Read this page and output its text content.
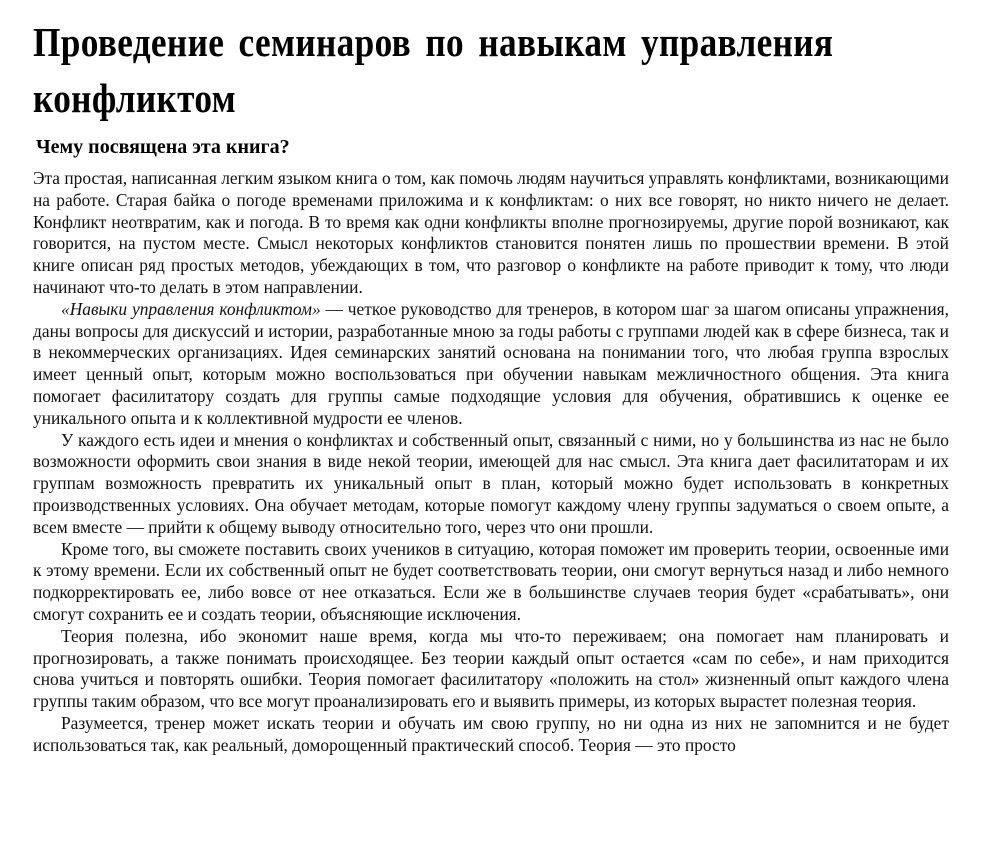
Проведение семинаров по навыкам управления конфликтом
Чему посвящена эта книга?

Эта простая, написанная легким языком книга о том, как помочь людям научиться управлять конфликтами, возникающими на работе. Старая байка о погоде временами приложима и к конфликтам: о них все говорят, но никто ничего не делает. Конфликт неотвратим, как и погода. В то время как одни конфликты вполне прогнозируемы, другие порой возникают, как говорится, на пустом месте. Смысл некоторых конфликтов становится понятен лишь по прошествии времени. В этой книге описан ряд простых методов, убеждающих в том, что разговор о конфликте на работе приводит к тому, что люди начинают что-то делать в этом направлении.

«Навыки управления конфликтом» — четкое руководство для тренеров, в котором шаг за шагом описаны упражнения, даны вопросы для дискуссий и истории, разработанные мною за годы работы с группами людей как в сфере бизнеса, так и в некоммерческих организациях. Идея семинарских занятий основана на понимании того, что любая группа взрослых имеет ценный опыт, которым можно воспользоваться при обучении навыкам межличностного общения. Эта книга помогает фасилитатору создать для группы самые подходящие условия для обучения, обратившись к оценке ее уникального опыта и к коллективной мудрости ее членов.

У каждого есть идеи и мнения о конфликтах и собственный опыт, связанный с ними, но у большинства из нас не было возможности оформить свои знания в виде некой теории, имеющей для нас смысл. Эта книга дает фасилитаторам и их группам возможность превратить их уникальный опыт в план, который можно будет использовать в конкретных производственных условиях. Она обучает методам, которые помогут каждому члену группы задуматься о своем опыте, а всем вместе — прийти к общему выводу относительно того, через что они прошли.

Кроме того, вы сможете поставить своих учеников в ситуацию, которая поможет им проверить теории, освоенные ими к этому времени. Если их собственный опыт не будет соответствовать теории, они смогут вернуться назад и либо немного подкорректировать ее, либо вовсе от нее отказаться. Если же в большинстве случаев теория будет «срабатывать», они смогут сохранить ее и создать теории, объясняющие исключения.

Теория полезна, ибо экономит наше время, когда мы что-то переживаем; она помогает нам планировать и прогнозировать, а также понимать происходящее. Без теории каждый опыт остается «сам по себе», и нам приходится снова учиться и повторять ошибки. Теория помогает фасилитатору «положить на стол» жизненный опыт каждого члена группы таким образом, что все могут проанализировать его и выявить примеры, из которых вырастет полезная теория.

Разумеется, тренер может искать теории и обучать им свою группу, но ни одна из них не запомнится и не будет использоваться так, как реальный, доморощенный практический способ. Теория — это просто
